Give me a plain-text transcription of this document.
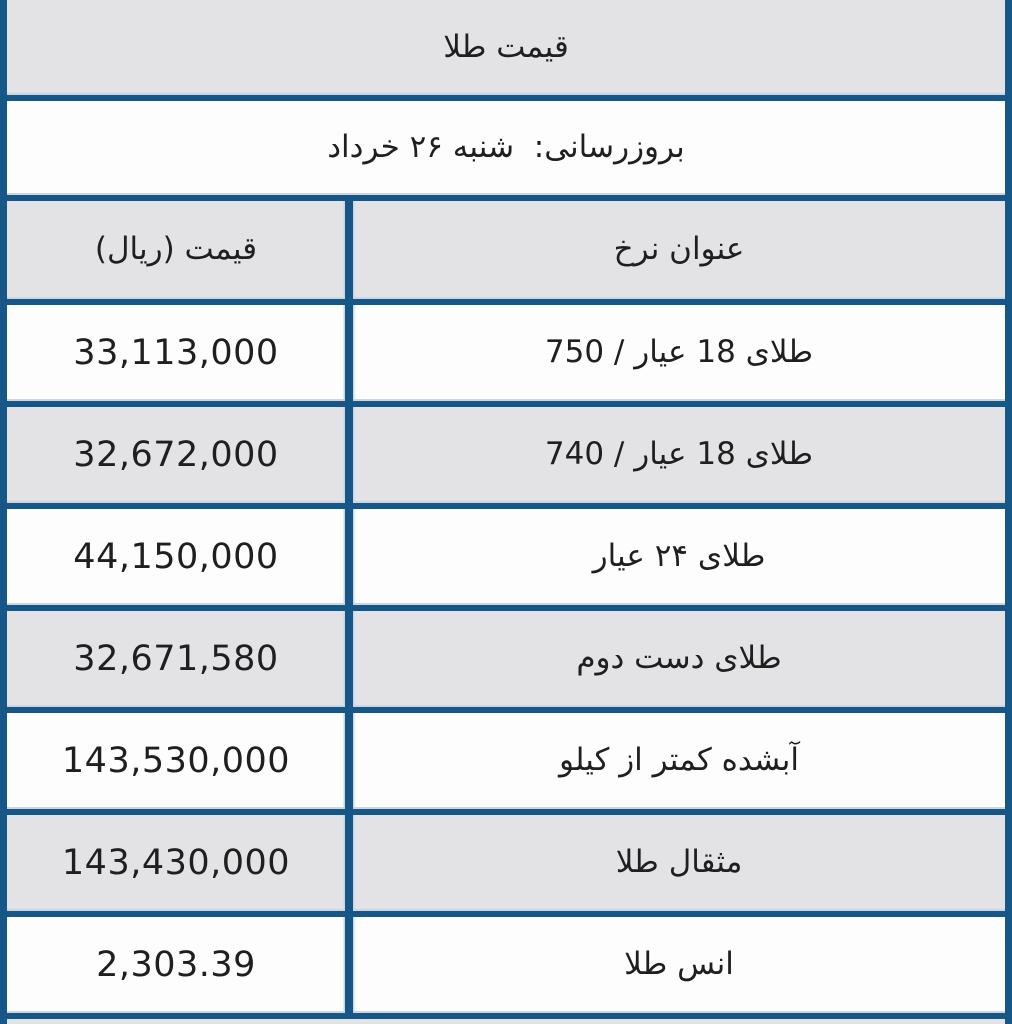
قیمت طلا
بروزرسانی:  شنبه ۲۶ خرداد
عنوان نرخ
قیمت (ریال)
طلای 18 عیار / 750
33,113,000
طلای 18 عیار / 740
32,672,000
طلای ۲۴ عیار
44,150,000
طلای دست دوم
32,671,580
آبشده کمتر از کیلو
143,530,000
مثقال طلا
143,430,000
انس طلا
2,303.39
